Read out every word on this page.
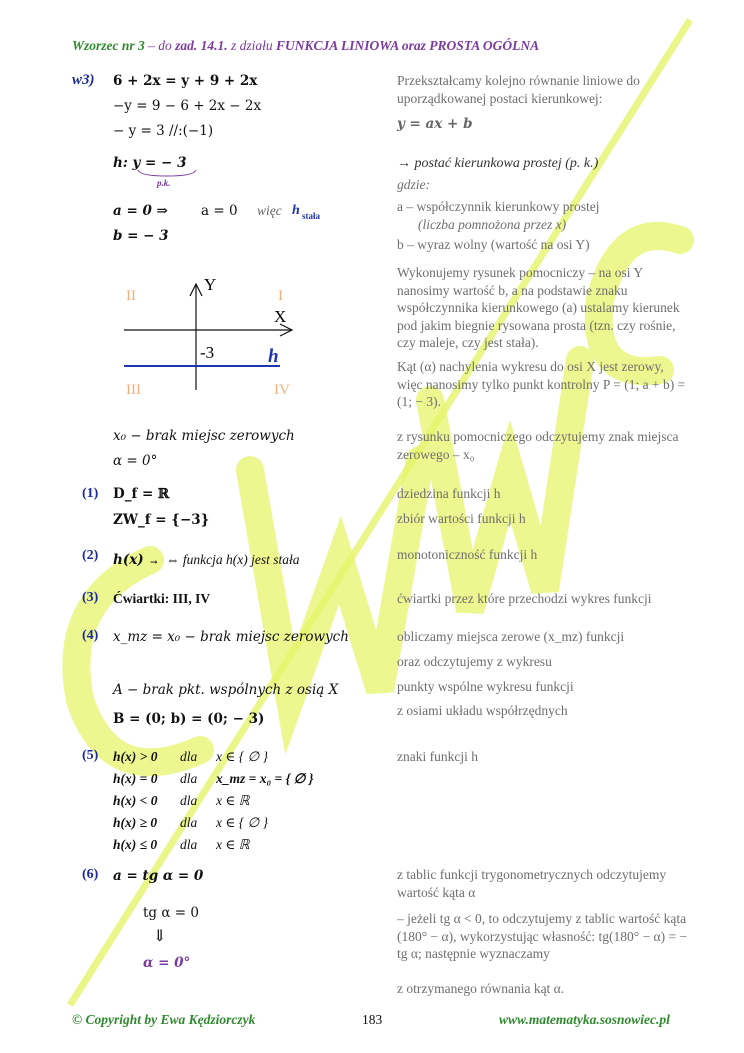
Wzorzec nr 3 – do zad. 14.1. z działu FUNKCJA LINIOWA oraz PROSTA OGÓLNA
w3) 6 + 2x = y + 9 + 2x
−y = 9 − 6 + 2x − 2x
− y = 3 //:(−1)
h: y = − 3
p.k.
a = 0 ⇒ a = 0 więc h stała
b = − 3
Y
X
II	I
III	IV
-3	h
x₀ − brak miejsc zerowych
α = 0°
(1) D_f = ℝ
ZW_f = {−3}
(2) h(x) → ⇔ funkcja h(x) jest stała
(3) Ćwiartki: III, IV
(4) x_mz = x₀ − brak miejsc zerowych
A − brak pkt. wspólnych z osią X
B = (0; b) = (0; − 3)
(5) h(x) > 0 dla x ∈ { ∅ }
h(x) = 0 dla x_mz = x₀ = { ∅ }
h(x) < 0 dla x ∈ ℝ
h(x) ≥ 0 dla x ∈ { ∅ }
h(x) ≤ 0 dla x ∈ ℝ
(6) a = tg α = 0
tg α = 0
⇓
α = 0°
Przekształcamy kolejno równanie liniowe do uporządkowanej postaci kierunkowej:
y = ax + b
→ postać kierunkowa prostej (p. k.)
gdzie:
a – współczynnik kierunkowy prostej
(liczba pomnożona przez x)
b – wyraz wolny (wartość na osi Y)
Wykonujemy rysunek pomocniczy – na osi Y nanosimy wartość b, a na podstawie znaku współczynnika kierunkowego (a) ustalamy kierunek pod jakim biegnie rysowana prosta (tzn. czy rośnie, czy maleje, czy jest stała).
Kąt (α) nachylenia wykresu do osi X jest zerowy, więc nanosimy tylko punkt kontrolny P = (1; a + b) = (1; − 3).
z rysunku pomocniczego odczytujemy znak miejsca zerowego – x₀
dziedzina funkcji h
zbiór wartości funkcji h
monotoniczność funkcji h
ćwiartki przez które przechodzi wykres funkcji
obliczamy miejsca zerowe (x_mz) funkcji
oraz odczytujemy z wykresu
punkty wspólne wykresu funkcji
z osiami układu współrzędnych
znaki funkcji h
z tablic funkcji trygonometrycznych odczytujemy wartość kąta α
– jeżeli tg α < 0, to odczytujemy z tablic wartość kąta (180° − α), wykorzystując własność: tg(180° − α) = − tg α; następnie wyznaczamy
z otrzymanego równania kąt α.
© Copyright by Ewa Kędziorczyk	183	www.matematyka.sosnowiec.pl
